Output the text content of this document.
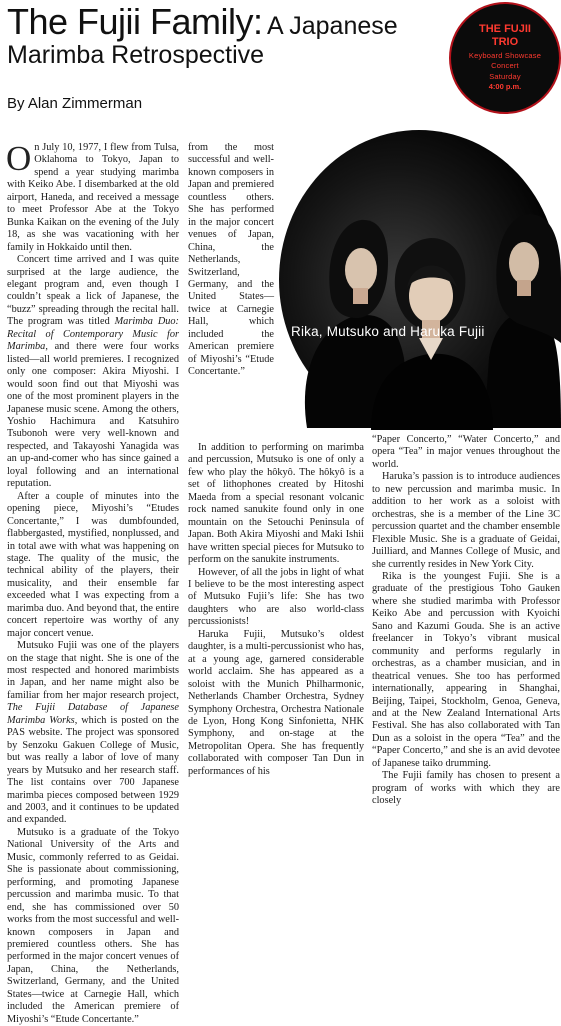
The Fujii Family: A Japanese
Marimba Retrospective
By Alan Zimmerman
THE FUJII
TRIO
Keyboard Showcase
Concert
Saturday
4:00 p.m.
Rika, Mutsuko and Haruka Fujii

On July 10, 1977, I flew from Tulsa, Oklahoma to Tokyo, Japan to spend a year studying marimba with Keiko Abe. I disembarked at the old airport, Haneda, and received a message to meet Professor Abe at the Tokyo Bunka Kaikan on the evening of the July 18, as she was vacationing with her family in Hokkaido until then.

Concert time arrived and I was quite surprised at the large audience, the elegant program and, even though I couldn’t speak a lick of Japanese, the “buzz” spreading through the recital hall. The program was titled Marimba Duo: Recital of Contemporary Music for Marimba, and there were four works listed—all world premieres. I recognized only one composer: Akira Miyoshi. I would soon find out that Miyoshi was one of the most prominent players in the Japanese music scene. Among the others, Yoshio Hachimura and Katsuhiro Tsubonoh were very well-known and respected, and Takayoshi Yanagida was an up-and-comer who has since gained a loyal following and an international reputation.

After a couple of minutes into the opening piece, Miyoshi’s “Etudes Concertante,” I was dumbfounded, flabbergasted, mystified, nonplussed, and in total awe with what was happening on stage. The quality of the music, the technical ability of the players, their musicality, and their ensemble far exceeded what I was expecting from a marimba duo. And beyond that, the entire concert repertoire was worthy of any major concert venue.

Mutsuko Fujii was one of the players on the stage that night. She is one of the most respected and honored marimbists in Japan, and her name might also be familiar from her major research project, The Fujii Database of Japanese Marimba Works, which is posted on the PAS website. The project was sponsored by Senzoku Gakuen College of Music, but was really a labor of love of many years by Mutsuko and her research staff. The list contains over 700 Japanese marimba pieces composed between 1929 and 2003, and it continues to be updated and expanded.

Mutsuko is a graduate of the Tokyo National University of the Arts and Music, commonly referred to as Geidai. She is passionate about commissioning, performing, and promoting Japanese percussion and marimba music. To that end, she has commissioned over 50 works from the most successful and well-known composers in Japan and premiered countless others. She has performed in the major concert venues of Japan, China, the Netherlands, Switzerland, Germany, and the United States—twice at Carnegie Hall, which included the American premiere of Miyoshi’s “Etude Concertante.”

“Paper Concerto,” “Water Concerto,” and opera “Tea” in major venues throughout the world.

Haruka’s passion is to introduce audiences to new percussion and marimba music. In addition to her work as a soloist with orchestras, she is a member of the Line 3C percussion quartet and the chamber ensemble Flexible Music. She is a graduate of Geidai, Juilliard, and Mannes College of Music, and she currently resides in New York City.

Rika is the youngest Fujii. She is a graduate of the prestigious Toho Gauken where she studied marimba with Professor Keiko Abe and percussion with Kyoichi Sano and Kazumi Gouda. She is an active freelancer in Tokyo’s vibrant musical community and performs regularly in orchestras, as a chamber musician, and in theatrical venues. She too has performed internationally, appearing in Shanghai, Beijing, Taipei, Stockholm, Genoa, Geneva, and at the New Zealand International Arts Festival. She has also collaborated with Tan Dun as a soloist in the opera “Tea” and the “Paper Concerto,” and she is an avid devotee of Japanese taiko drumming.

The Fujii family has chosen to present a program of works with which they are closely

from the most successful and well-known composers in Japan and premiered countless others. She has performed in the major concert venues of Japan, China, the Netherlands, Switzerland, Germany, and the United States—twice at Carnegie Hall, which included the American premiere of Miyoshi’s “Etude Concertante.”

In addition to performing on marimba and percussion, Mutsuko is one of only a few who play the hôkyô. The hôkyô is a set of lithophones created by Hitoshi Maeda from a special resonant volcanic rock named sanukite found only in one mountain on the Setouchi Peninsula of Japan. Both Akira Miyoshi and Maki Ishii have written special pieces for Mutsuko to perform on the sanukite instruments.

However, of all the jobs in light of what I believe to be the most interesting aspect of Mutsuko Fujii’s life: She has two daughters who are also world-class percussionists!

Haruka Fujii, Mutsuko’s oldest daughter, is a multi-percussionist who has, at a young age, garnered considerable world acclaim. She has appeared as a soloist with the Munich Philharmonic, Netherlands Chamber Orchestra, Sydney Symphony Orchestra, Orchestra Nationale de Lyon, Hong Kong Sinfonietta, NHK Symphony, and on-stage at the Metropolitan Opera. She has frequently collaborated with composer Tan Dun in performances of his
